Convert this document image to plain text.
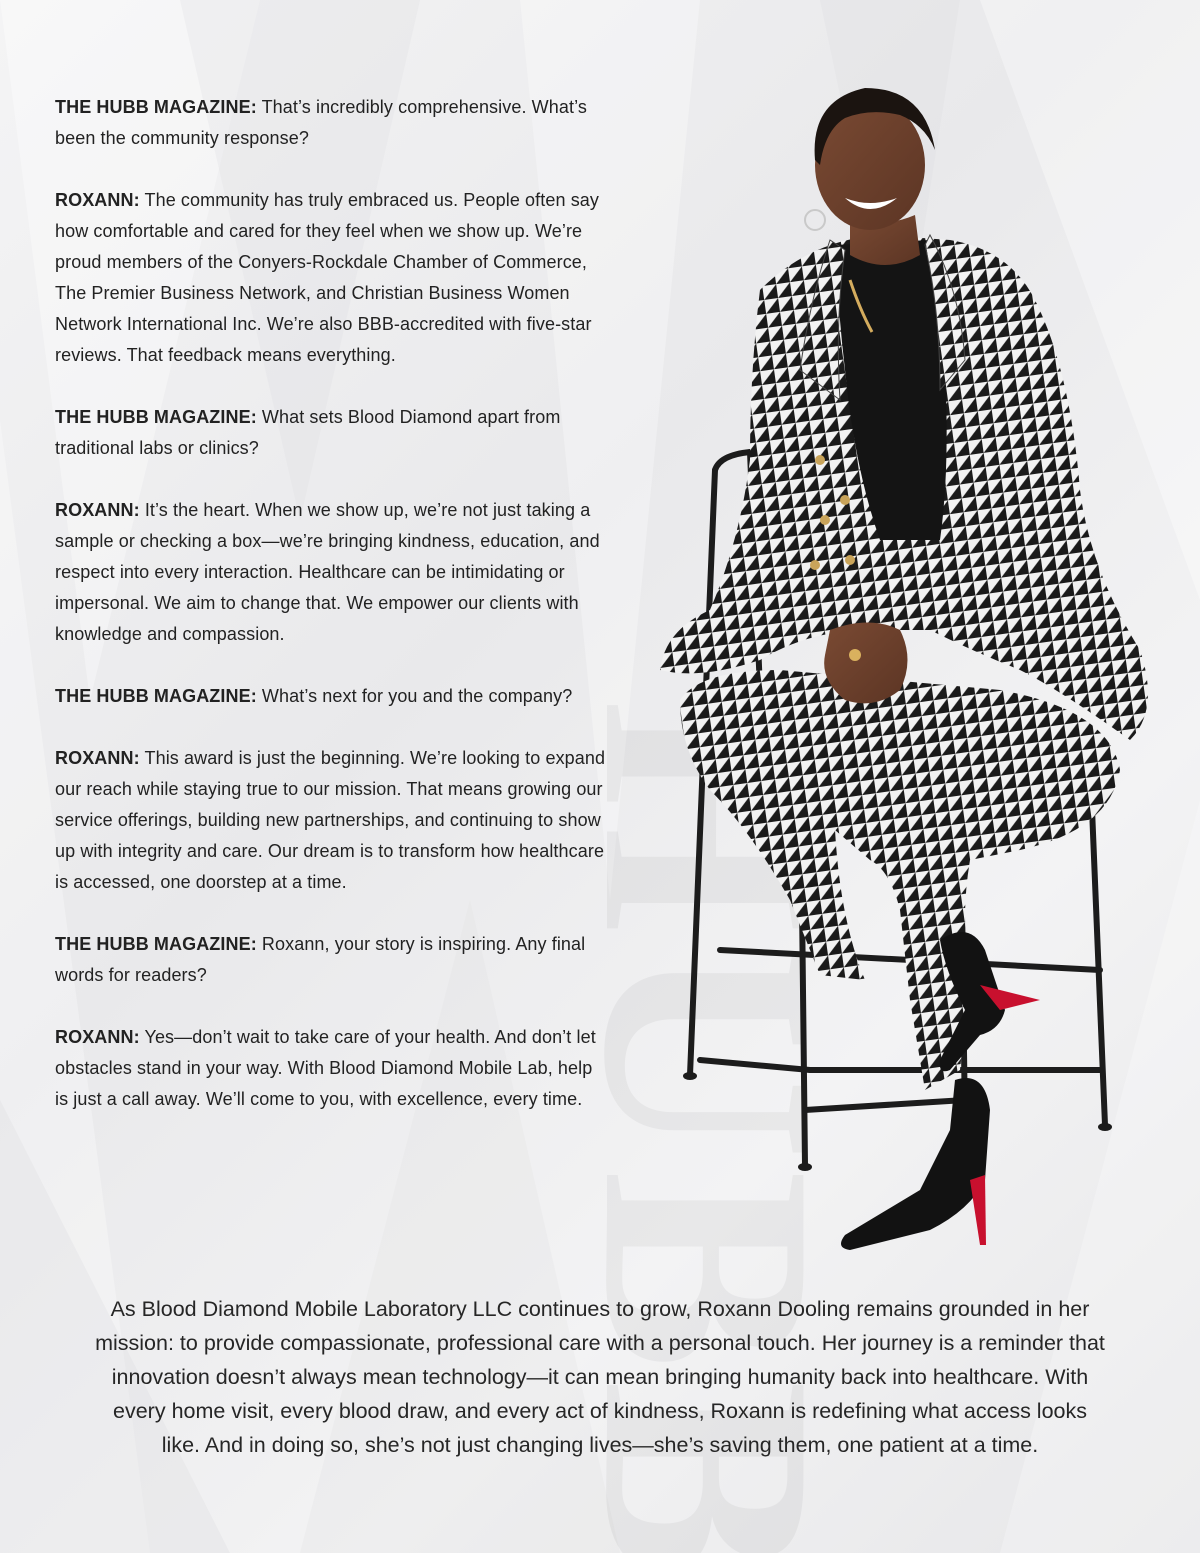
THE HUBB MAGAZINE: That’s incredibly comprehensive. What’s been the community response?

ROXANN: The community has truly embraced us. People often say how comfortable and cared for they feel when we show up. We’re proud members of the Conyers-Rockdale Chamber of Commerce, The Premier Business Network, and Christian Business Women Network International Inc. We’re also BBB-accredited with five-star reviews. That feedback means everything.

THE HUBB MAGAZINE: What sets Blood Diamond apart from traditional labs or clinics?

ROXANN: It’s the heart. When we show up, we’re not just taking a sample or checking a box—we’re bringing kindness, education, and respect into every interaction. Healthcare can be intimidating or impersonal. We aim to change that. We empower our clients with knowledge and compassion.

THE HUBB MAGAZINE: What’s next for you and the company?

ROXANN: This award is just the beginning. We’re looking to expand our reach while staying true to our mission. That means growing our service offerings, building new partnerships, and continuing to show up with integrity and care. Our dream is to transform how healthcare is accessed, one doorstep at a time.

THE HUBB MAGAZINE: Roxann, your story is inspiring. Any final words for readers?

ROXANN: Yes—don’t wait to take care of your health. And don’t let obstacles stand in your way. With Blood Diamond Mobile Lab, help is just a call away. We’ll come to you, with excellence, every time.

As Blood Diamond Mobile Laboratory LLC continues to grow, Roxann Dooling remains grounded in her mission: to provide compassionate, professional care with a personal touch. Her journey is a reminder that innovation doesn’t always mean technology—it can mean bringing humanity back into healthcare. With every home visit, every blood draw, and every act of kindness, Roxann is redefining what access looks like. And in doing so, she’s not just changing lives—she’s saving them, one patient at a time.
